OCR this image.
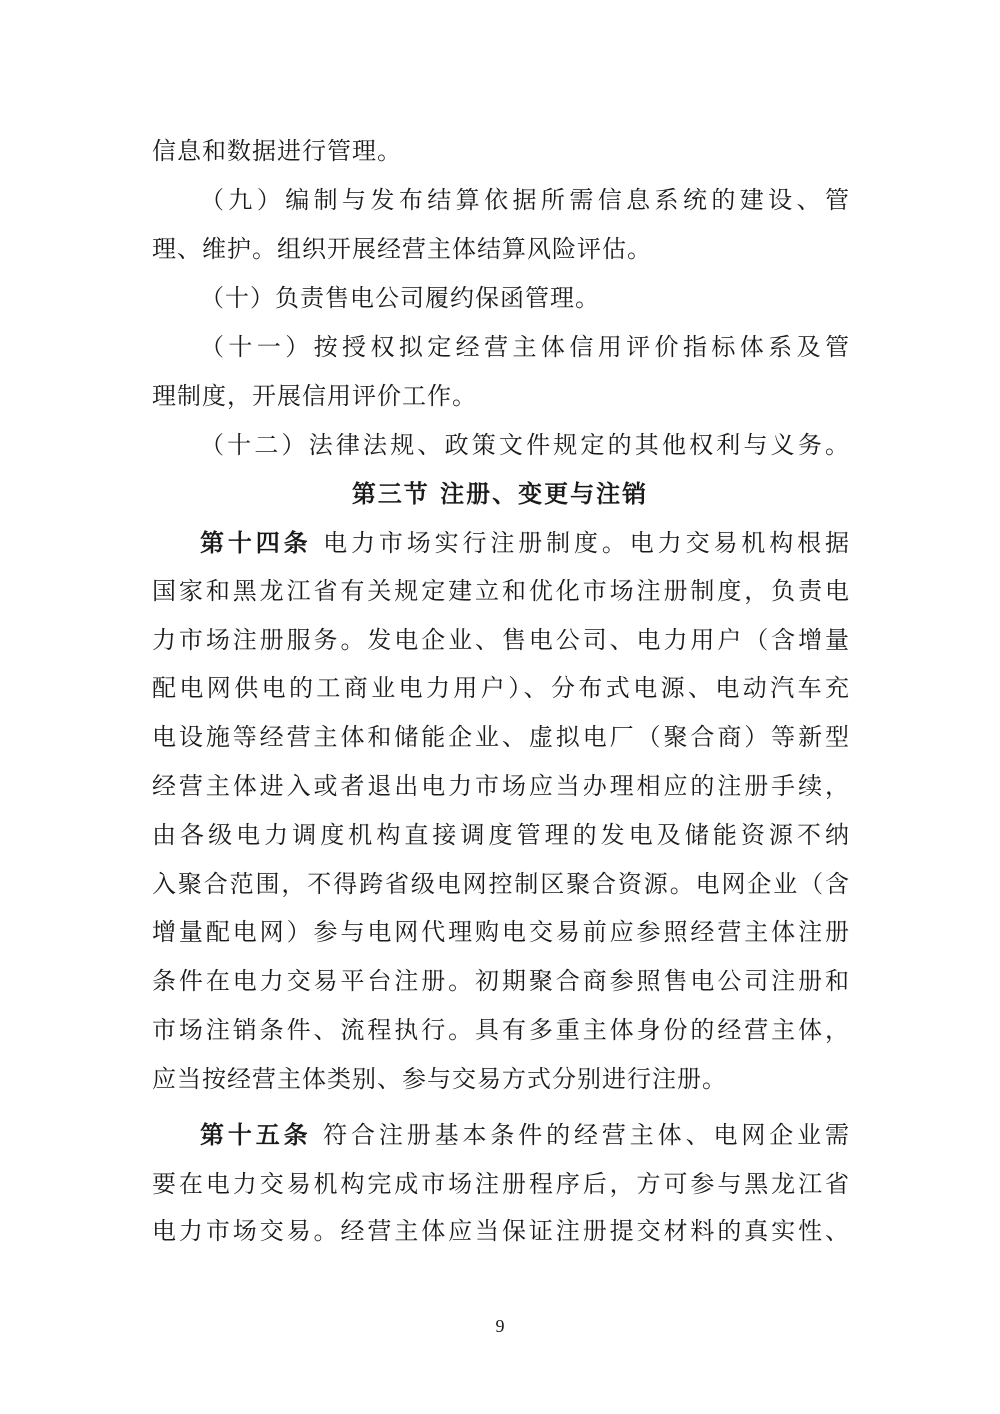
信息和数据进行管理。
（九）编制与发布结算依据所需信息系统的建设、管
理、维护。组织开展经营主体结算风险评估。
（十）负责售电公司履约保函管理。
（十一）按授权拟定经营主体信用评价指标体系及管
理制度，开展信用评价工作。
（十二）法律法规、政策文件规定的其他权利与义务。
第三节 注册、变更与注销
第十四条 电力市场实行注册制度。电力交易机构根据
国家和黑龙江省有关规定建立和优化市场注册制度，负责电
力市场注册服务。发电企业、售电公司、电力用户（含增量
配电网供电的工商业电力用户）、分布式电源、电动汽车充
电设施等经营主体和储能企业、虚拟电厂（聚合商）等新型
经营主体进入或者退出电力市场应当办理相应的注册手续，
由各级电力调度机构直接调度管理的发电及储能资源不纳
入聚合范围，不得跨省级电网控制区聚合资源。电网企业（含
增量配电网）参与电网代理购电交易前应参照经营主体注册
条件在电力交易平台注册。初期聚合商参照售电公司注册和
市场注销条件、流程执行。具有多重主体身份的经营主体，
应当按经营主体类别、参与交易方式分别进行注册。
第十五条 符合注册基本条件的经营主体、电网企业需
要在电力交易机构完成市场注册程序后，方可参与黑龙江省
电力市场交易。经营主体应当保证注册提交材料的真实性、
9
